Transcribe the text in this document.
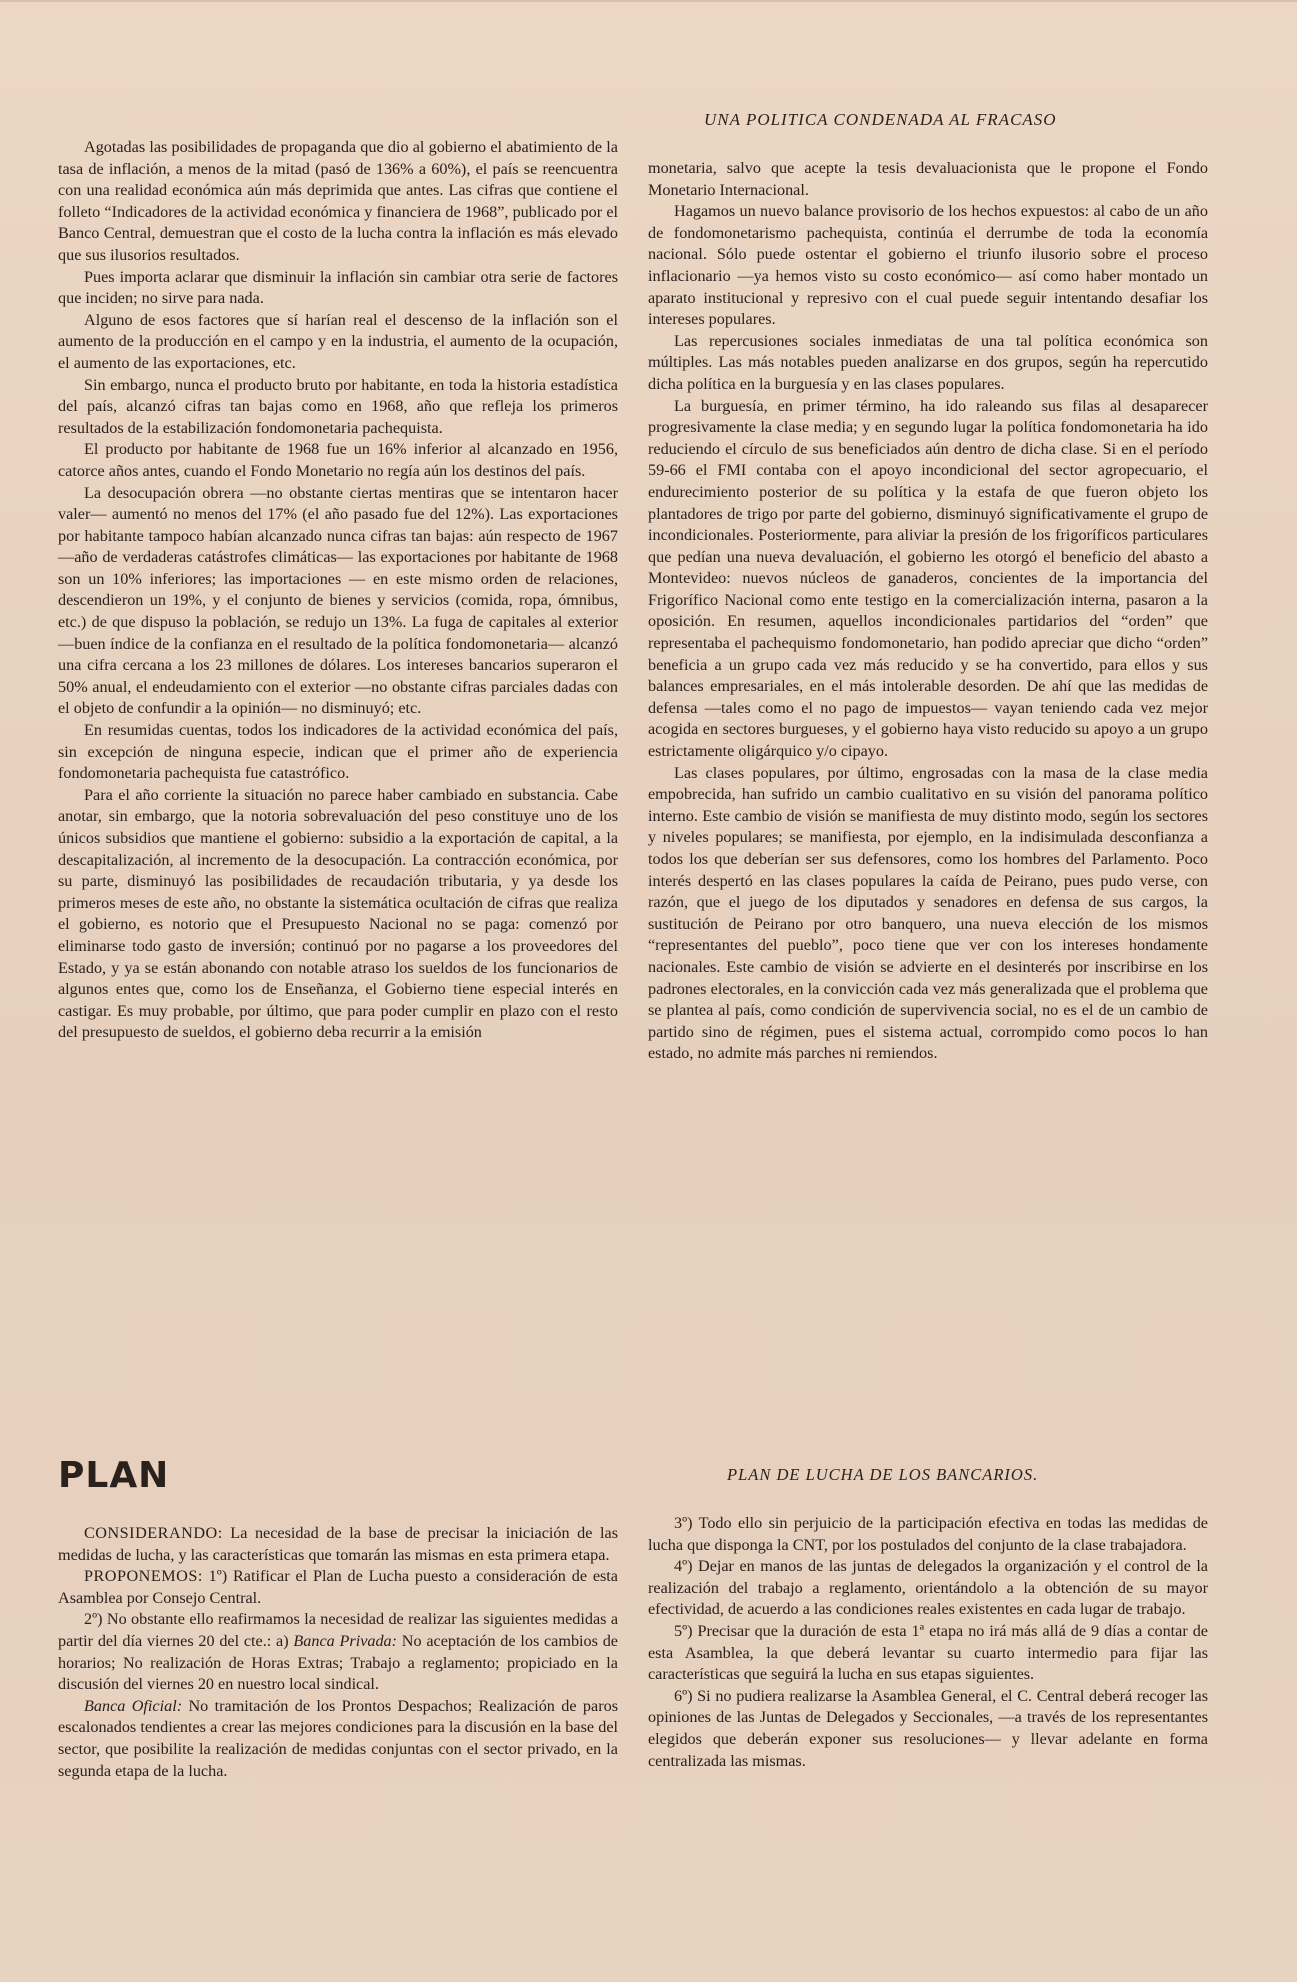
UNA POLITICA CONDENADA AL FRACASO

Agotadas las posibilidades de propaganda que dio al gobierno el abatimiento de la tasa de inflación, a menos de la mitad (pasó de 136% a 60%), el país se reencuentra con una realidad económica aún más deprimida que antes. Las cifras que contiene el folleto “Indicadores de la actividad económica y financiera de 1968”, publicado por el Banco Central, demuestran que el costo de la lucha contra la inflación es más elevado que sus ilusorios resultados.

Pues importa aclarar que disminuir la inflación sin cambiar otra serie de factores que inciden; no sirve para nada.

Alguno de esos factores que sí harían real el descenso de la inflación son el aumento de la producción en el campo y en la industria, el aumento de la ocupación, el aumento de las exportaciones, etc.

Sin embargo, nunca el producto bruto por habitante, en toda la historia estadística del país, alcanzó cifras tan bajas como en 1968, año que refleja los primeros resultados de la estabilización fondomonetaria pachequista.

El producto por habitante de 1968 fue un 16% inferior al alcanzado en 1956, catorce años antes, cuando el Fondo Monetario no regía aún los destinos del país.

La desocupación obrera —no obstante ciertas mentiras que se intentaron hacer valer— aumentó no menos del 17% (el año pasado fue del 12%). Las exportaciones por habitante tampoco habían alcanzado nunca cifras tan bajas: aún respecto de 1967 —año de verdaderas catástrofes climáticas— las exportaciones por habitante de 1968 son un 10% inferiores; las importaciones — en este mismo orden de relaciones, descendieron un 19%, y el conjunto de bienes y servicios (comida, ropa, ómnibus, etc.) de que dispuso la población, se redujo un 13%. La fuga de capitales al exterior —buen índice de la confianza en el resultado de la política fondomonetaria— alcanzó una cifra cercana a los 23 millones de dólares. Los intereses bancarios superaron el 50% anual, el endeudamiento con el exterior —no obstante cifras parciales dadas con el objeto de confundir a la opinión— no disminuyó; etc.

En resumidas cuentas, todos los indicadores de la actividad económica del país, sin excepción de ninguna especie, indican que el primer año de experiencia fondomonetaria pachequista fue catastrófico.

Para el año corriente la situación no parece haber cambiado en substancia. Cabe anotar, sin embargo, que la notoria sobrevaluación del peso constituye uno de los únicos subsidios que mantiene el gobierno: subsidio a la exportación de capital, a la descapitalización, al incremento de la desocupación. La contracción económica, por su parte, disminuyó las posibilidades de recaudación tributaria, y ya desde los primeros meses de este año, no obstante la sistemática ocultación de cifras que realiza el gobierno, es notorio que el Presupuesto Nacional no se paga: comenzó por eliminarse todo gasto de inversión; continuó por no pagarse a los proveedores del Estado, y ya se están abonando con notable atraso los sueldos de los funcionarios de algunos entes que, como los de Enseñanza, el Gobierno tiene especial interés en castigar. Es muy probable, por último, que para poder cumplir en plazo con el resto del presupuesto de sueldos, el gobierno deba recurrir a la emisión

monetaria, salvo que acepte la tesis devaluacionista que le propone el Fondo Monetario Internacional.

Hagamos un nuevo balance provisorio de los hechos expuestos: al cabo de un año de fondomonetarismo pachequista, continúa el derrumbe de toda la economía nacional. Sólo puede ostentar el gobierno el triunfo ilusorio sobre el proceso inflacionario —ya hemos visto su costo económico— así como haber montado un aparato institucional y represivo con el cual puede seguir intentando desafiar los intereses populares.

Las repercusiones sociales inmediatas de una tal política económica son múltiples. Las más notables pueden analizarse en dos grupos, según ha repercutido dicha política en la burguesía y en las clases populares.

La burguesía, en primer término, ha ido raleando sus filas al desaparecer progresivamente la clase media; y en segundo lugar la política fondomonetaria ha ido reduciendo el círculo de sus beneficiados aún dentro de dicha clase. Si en el período 59-66 el FMI contaba con el apoyo incondicional del sector agropecuario, el endurecimiento posterior de su política y la estafa de que fueron objeto los plantadores de trigo por parte del gobierno, disminuyó significativamente el grupo de incondicionales. Posteriormente, para aliviar la presión de los frigoríficos particulares que pedían una nueva devaluación, el gobierno les otorgó el beneficio del abasto a Montevideo: nuevos núcleos de ganaderos, concientes de la importancia del Frigorífico Nacional como ente testigo en la comercialización interna, pasaron a la oposición. En resumen, aquellos incondicionales partidarios del “orden” que representaba el pachequismo fondomonetario, han podido apreciar que dicho “orden” beneficia a un grupo cada vez más reducido y se ha convertido, para ellos y sus balances empresariales, en el más intolerable desorden. De ahí que las medidas de defensa —tales como el no pago de impuestos— vayan teniendo cada vez mejor acogida en sectores burgueses, y el gobierno haya visto reducido su apoyo a un grupo estrictamente oligárquico y/o cipayo.

Las clases populares, por último, engrosadas con la masa de la clase media empobrecida, han sufrido un cambio cualitativo en su visión del panorama político interno. Este cambio de visión se manifiesta de muy distinto modo, según los sectores y niveles populares; se manifiesta, por ejemplo, en la indisimulada desconfianza a todos los que deberían ser sus defensores, como los hombres del Parlamento. Poco interés despertó en las clases populares la caída de Peirano, pues pudo verse, con razón, que el juego de los diputados y senadores en defensa de sus cargos, la sustitución de Peirano por otro banquero, una nueva elección de los mismos “representantes del pueblo”, poco tiene que ver con los intereses hondamente nacionales. Este cambio de visión se advierte en el desinterés por inscribirse en los padrones electorales, en la convicción cada vez más generalizada que el problema que se plantea al país, como condición de supervivencia social, no es el de un cambio de partido sino de régimen, pues el sistema actual, corrompido como pocos lo han estado, no admite más parches ni remiendos.

PLAN	PLAN DE LUCHA DE LOS BANCARIOS.

CONSIDERANDO: La necesidad de la base de precisar la iniciación de las medidas de lucha, y las características que tomarán las mismas en esta primera etapa.

PROPONEMOS: 1º) Ratificar el Plan de Lucha puesto a consideración de esta Asamblea por Consejo Central.

2º) No obstante ello reafirmamos la necesidad de realizar las siguientes medidas a partir del día viernes 20 del cte.: a) Banca Privada: No aceptación de los cambios de horarios; No realización de Horas Extras; Trabajo a reglamento; propiciado en la discusión del viernes 20 en nuestro local sindical.

Banca Oficial: No tramitación de los Prontos Despachos; Realización de paros escalonados tendientes a crear las mejores condiciones para la discusión en la base del sector, que posibilite la realización de medidas conjuntas con el sector privado, en la segunda etapa de la lucha.

3º) Todo ello sin perjuicio de la participación efectiva en todas las medidas de lucha que disponga la CNT, por los postulados del conjunto de la clase trabajadora.

4º) Dejar en manos de las juntas de delegados la organización y el control de la realización del trabajo a reglamento, orientándolo a la obtención de su mayor efectividad, de acuerdo a las condiciones reales existentes en cada lugar de trabajo.

5º) Precisar que la duración de esta 1ª etapa no irá más allá de 9 días a contar de esta Asamblea, la que deberá levantar su cuarto intermedio para fijar las características que seguirá la lucha en sus etapas siguientes.

6º) Si no pudiera realizarse la Asamblea General, el C. Central deberá recoger las opiniones de las Juntas de Delegados y Seccionales, —a través de los representantes elegidos que deberán exponer sus resoluciones— y llevar adelante en forma centralizada las mismas.
